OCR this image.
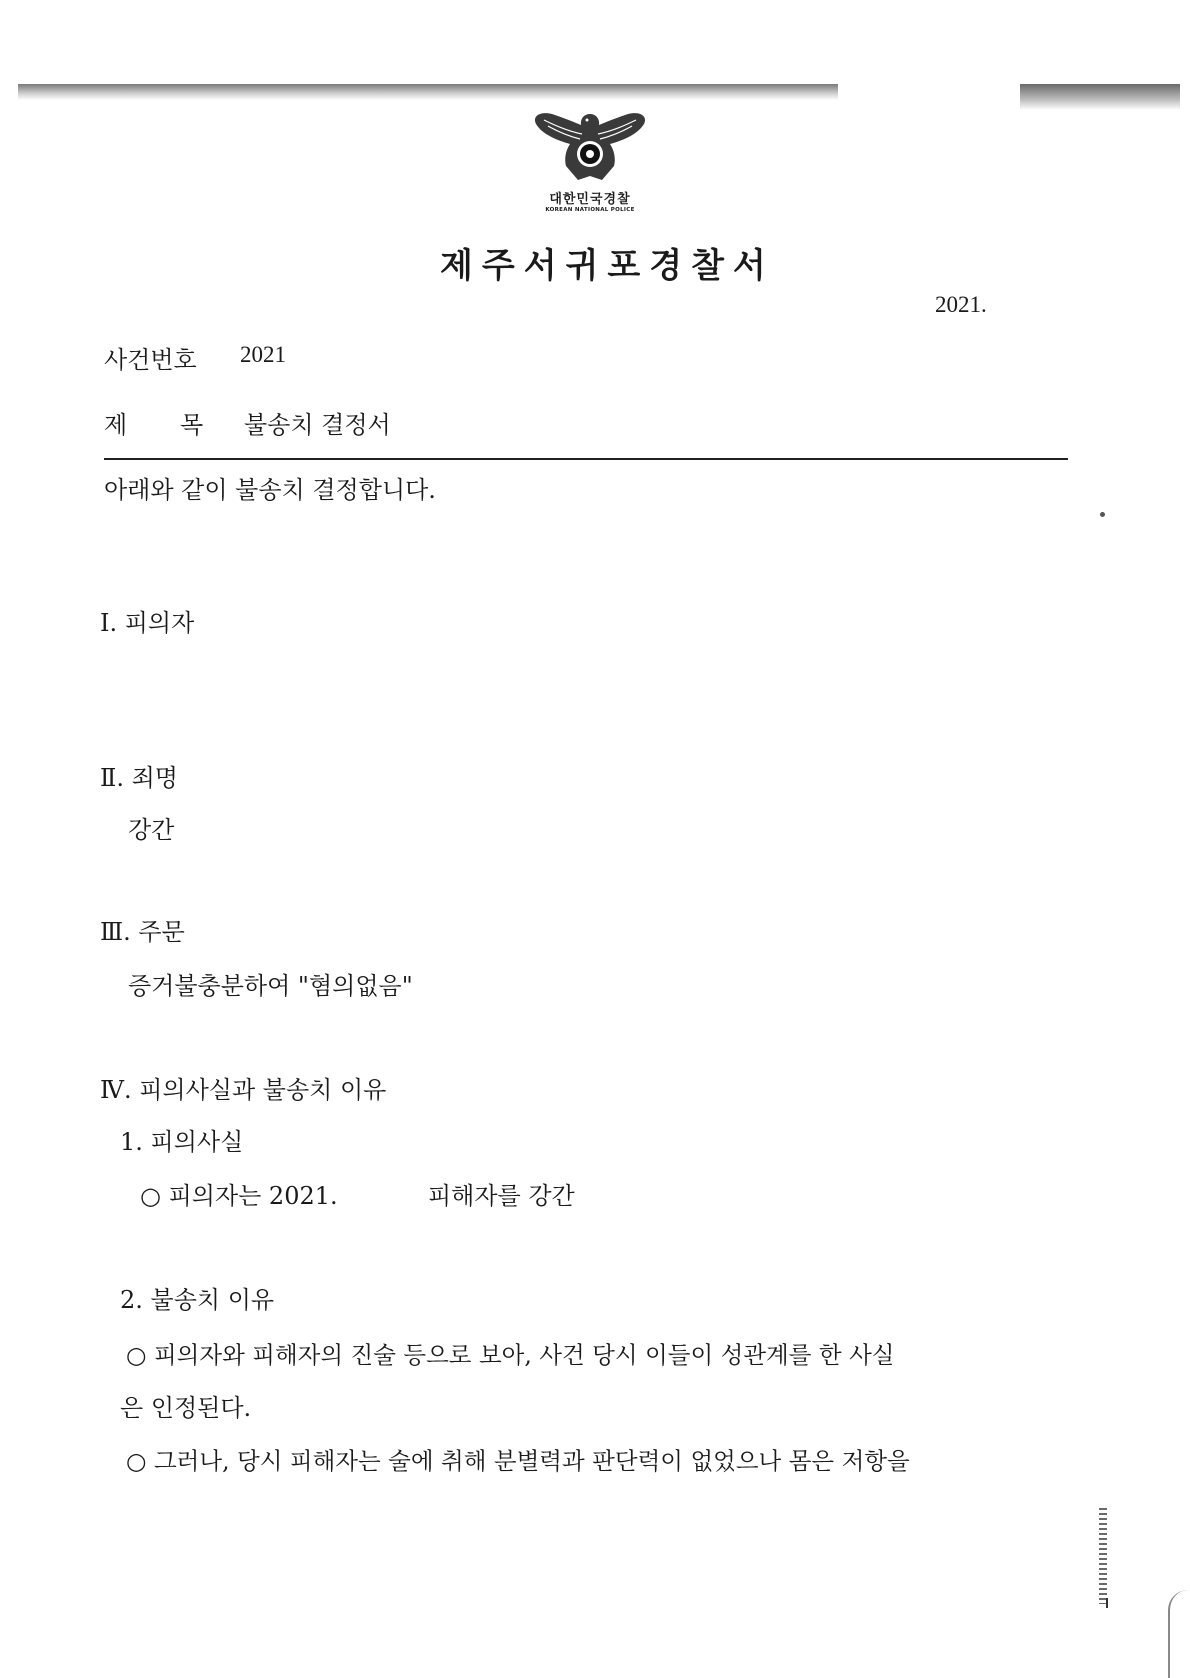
대한민국경찰
KOREAN NATIONAL POLICE
제주서귀포경찰서
2021.
사건번호 2021
제 목 불송치 결정서
아래와 같이 불송치 결정합니다.
Ⅰ. 피의자
Ⅱ. 죄명
강간
Ⅲ. 주문
증거불충분하여 "혐의없음"
Ⅳ. 피의사실과 불송치 이유
1. 피의사실
○ 피의자는 2021.	피해자를 강간
2. 불송치 이유
○ 피의자와 피해자의 진술 등으로 보아, 사건 당시 이들이 성관계를 한 사실
은 인정된다.
○ 그러나, 당시 피해자는 술에 취해 분별력과 판단력이 없었으나 몸은 저항을
